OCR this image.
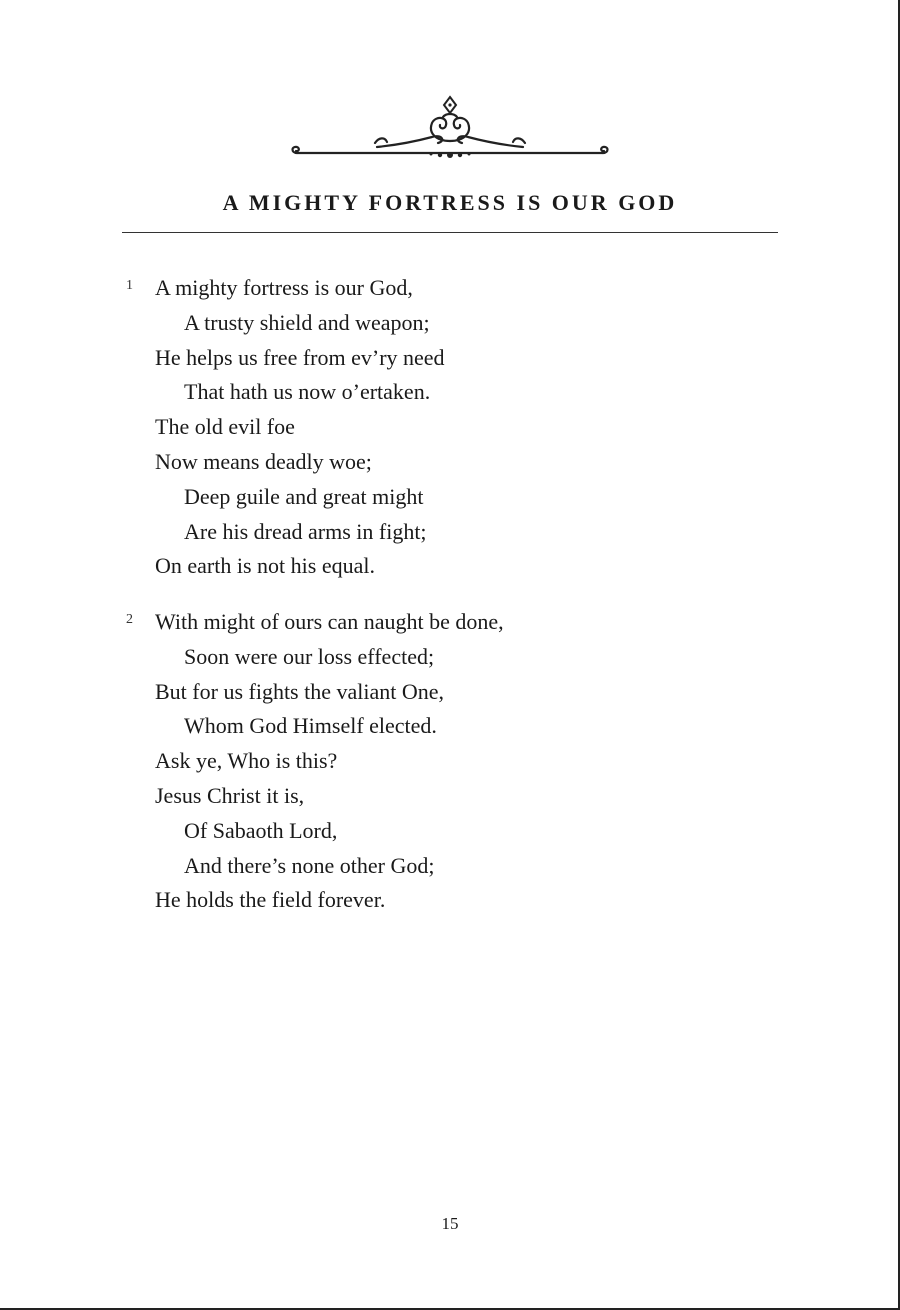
A MIGHTY FORTRESS IS OUR GOD
1	A mighty fortress is our God,
A trusty shield and weapon;
He helps us free from ev’ry need
That hath us now o’ertaken.
The old evil foe
Now means deadly woe;
Deep guile and great might
Are his dread arms in fight;
On earth is not his equal.
2	With might of ours can naught be done,
Soon were our loss effected;
But for us fights the valiant One,
Whom God Himself elected.
Ask ye, Who is this?
Jesus Christ it is,
Of Sabaoth Lord,
And there’s none other God;
He holds the field forever.
15
